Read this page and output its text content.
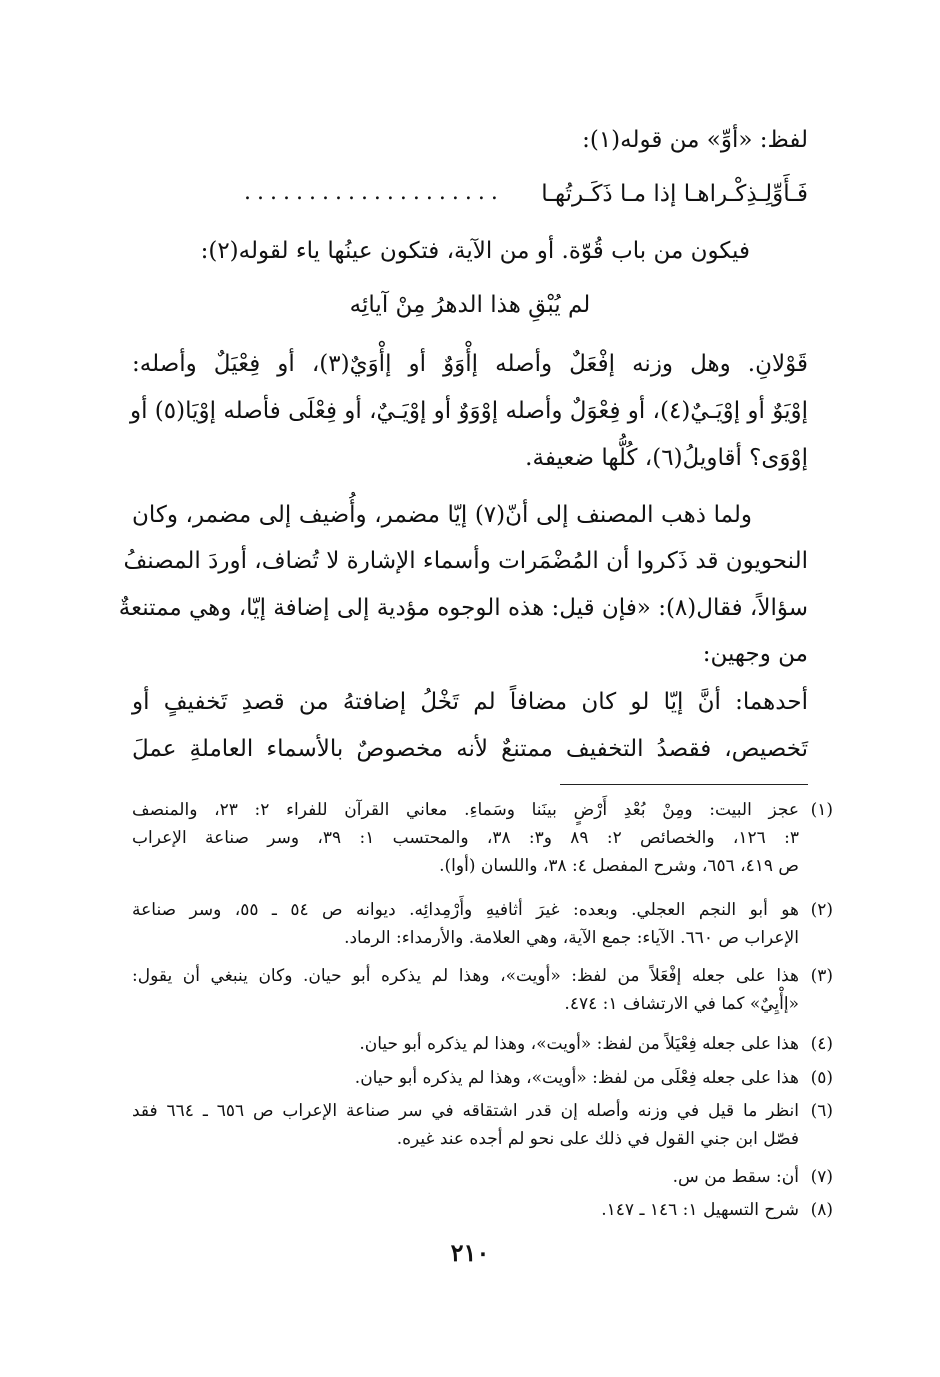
لفظ: «أوِّ» من قوله(١):
فَـأَوِّلِـذِكْـراهـا إذا مـا ذَكَـرتُهـا
....................
فيكون من باب قُوّة. أو من الآية، فتكون عينُها ياء لقوله(٢):
لم يُبْقِ هذا الدهرُ مِنْ آيائِه
قَوْلانِ. وهل وزنه إفْعَلٌ وأصله إأْوَوٌ أو إأْوَيٌ(٣)، أو فِعْيَلٌ وأصله:
إوْيَوٌ أو إوْيَـيٌ(٤)، أو فِعْوَلٌ وأصله إوْوَوٌ أو إوْيَـيٌ، أو فِعْلَى فأصله إوْيَا(٥) أو
إوْوَى؟ أقاويلُ(٦)، كُلُّها ضعيفة.
ولما ذهب المصنف إلى أنّ(٧) إيّا مضمر، وأُضيف إلى مضمر، وكان
النحويون قد ذَكروا أن المُضْمَرات وأسماء الإشارة لا تُضاف، أوردَ المصنفُ
سؤالاً، فقال(٨): «فإن قيل: هذه الوجوه مؤدية إلى إضافة إيّا، وهي ممتنعةٌ
من وجهين:
أحدهما: أنَّ إيّا لو كان مضافاً لم تَخْلُ إضافتهُ من قصدِ تَخفيفٍ أو
تَخصيص، فقصدُ التخفيف ممتنعٌ لأنه مخصوصٌ بالأسماء العاملةِ عملَ
(١)
عجز البيت: ومِنْ بُعْدِ أَرْضٍ بينَنا وسَماءِ. معاني القرآن للفراء ٢: ٢٣، والمنصف
٣: ١٢٦، والخصائص ٢: ٨٩ و٣: ٣٨، والمحتسب ١: ٣٩، وسر صناعة الإعراب
ص ٤١٩، ٦٥٦، وشرح المفصل ٤: ٣٨، واللسان (أوا).
(٢)
هو أبو النجم العجلي. وبعده: غيرَ أثافيهِ وأَرْمِدائِه. ديوانه ص ٥٤ ـ ٥٥، وسر صناعة
الإعراب ص ٦٦٠. الآياء: جمع الآية، وهي العلامة. والأرمداء: الرماد.
(٣)
هذا على جعله إفْعَلاً من لفظ: «أويت»، وهذا لم يذكره أبو حيان. وكان ينبغي أن يقول:
«إأْيِيٌ» كما في الارتشاف ١: ٤٧٤.
(٤)
هذا على جعله فِعْيَلاً من لفظ: «أويت»، وهذا لم يذكره أبو حيان.
(٥)
هذا على جعله فِعْلَى من لفظ: «أويت»، وهذا لم يذكره أبو حيان.
(٦)
انظر ما قيل في وزنه وأصله إن قدر اشتقاقه في سر صناعة الإعراب ص ٦٥٦ ـ ٦٦٤ فقد
فصّل ابن جني القول في ذلك على نحو لم أجده عند غيره.
(٧)
أن: سقط من س.
(٨)
شرح التسهيل ١: ١٤٦ ـ ١٤٧.
٢١٠
